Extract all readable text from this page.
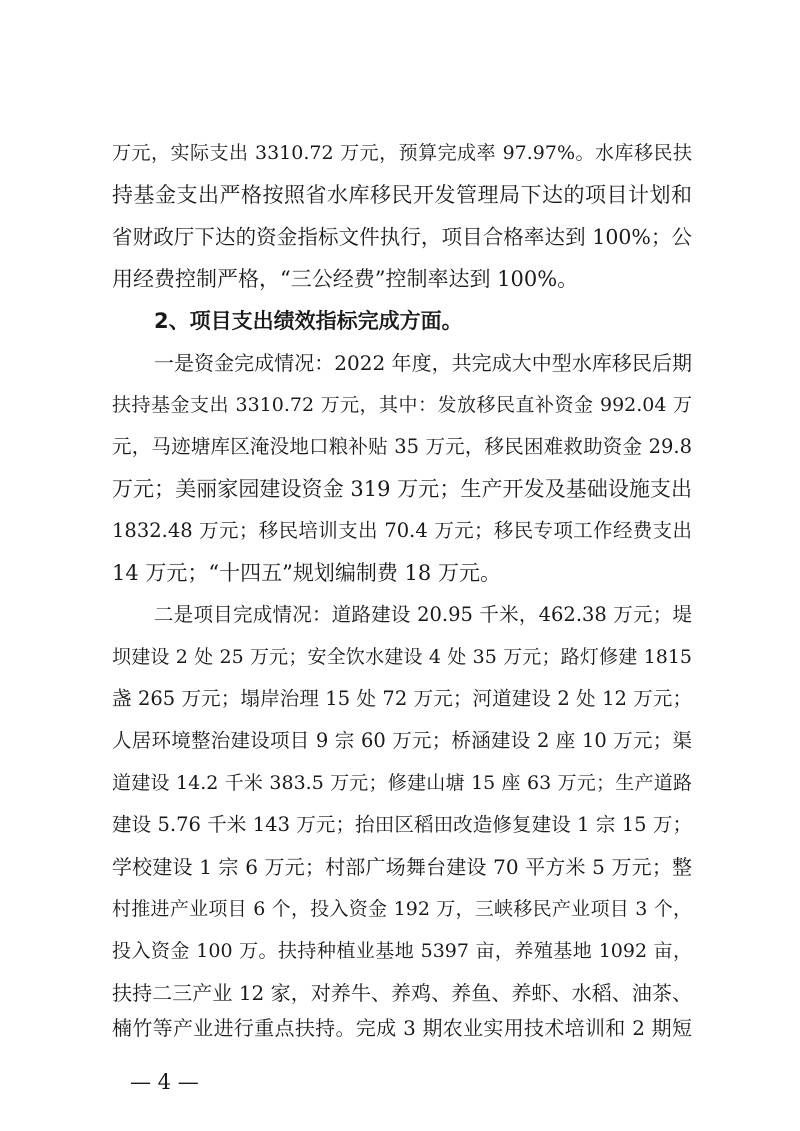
万元，实际支出 3310.72 万元，预算完成率 97.97%。水库移民扶
持基金支出严格按照省水库移民开发管理局下达的项目计划和
省财政厅下达的资金指标文件执行，项目合格率达到 100%；公
用经费控制严格，“三公经费”控制率达到 100%。
2、项目支出绩效指标完成方面。
一是资金完成情况：2022 年度，共完成大中型水库移民后期
扶持基金支出 3310.72 万元，其中：发放移民直补资金 992.04 万
元，马迹塘库区淹没地口粮补贴 35 万元，移民困难救助资金 29.8
万元；美丽家园建设资金 319 万元；生产开发及基础设施支出
1832.48 万元；移民培训支出 70.4 万元；移民专项工作经费支出
14 万元；“十四五”规划编制费 18 万元。
二是项目完成情况：道路建设 20.95 千米，462.38 万元；堤
坝建设 2 处 25 万元；安全饮水建设 4 处 35 万元；路灯修建 1815
盏 265 万元；塌岸治理 15 处 72 万元；河道建设 2 处 12 万元；
人居环境整治建设项目 9 宗 60 万元；桥涵建设 2 座 10 万元；渠
道建设 14.2 千米 383.5 万元；修建山塘 15 座 63 万元；生产道路
建设 5.76 千米 143 万元；抬田区稻田改造修复建设 1 宗 15 万；
学校建设 1 宗 6 万元；村部广场舞台建设 70 平方米 5 万元；整
村推进产业项目 6 个，投入资金 192 万，三峡移民产业项目 3 个，
投入资金 100 万。扶持种植业基地 5397 亩，养殖基地 1092 亩，
扶持二三产业 12 家，对养牛、养鸡、养鱼、养虾、水稻、油茶、
楠竹等产业进行重点扶持。完成 3 期农业实用技术培训和 2 期短
— 4 —
